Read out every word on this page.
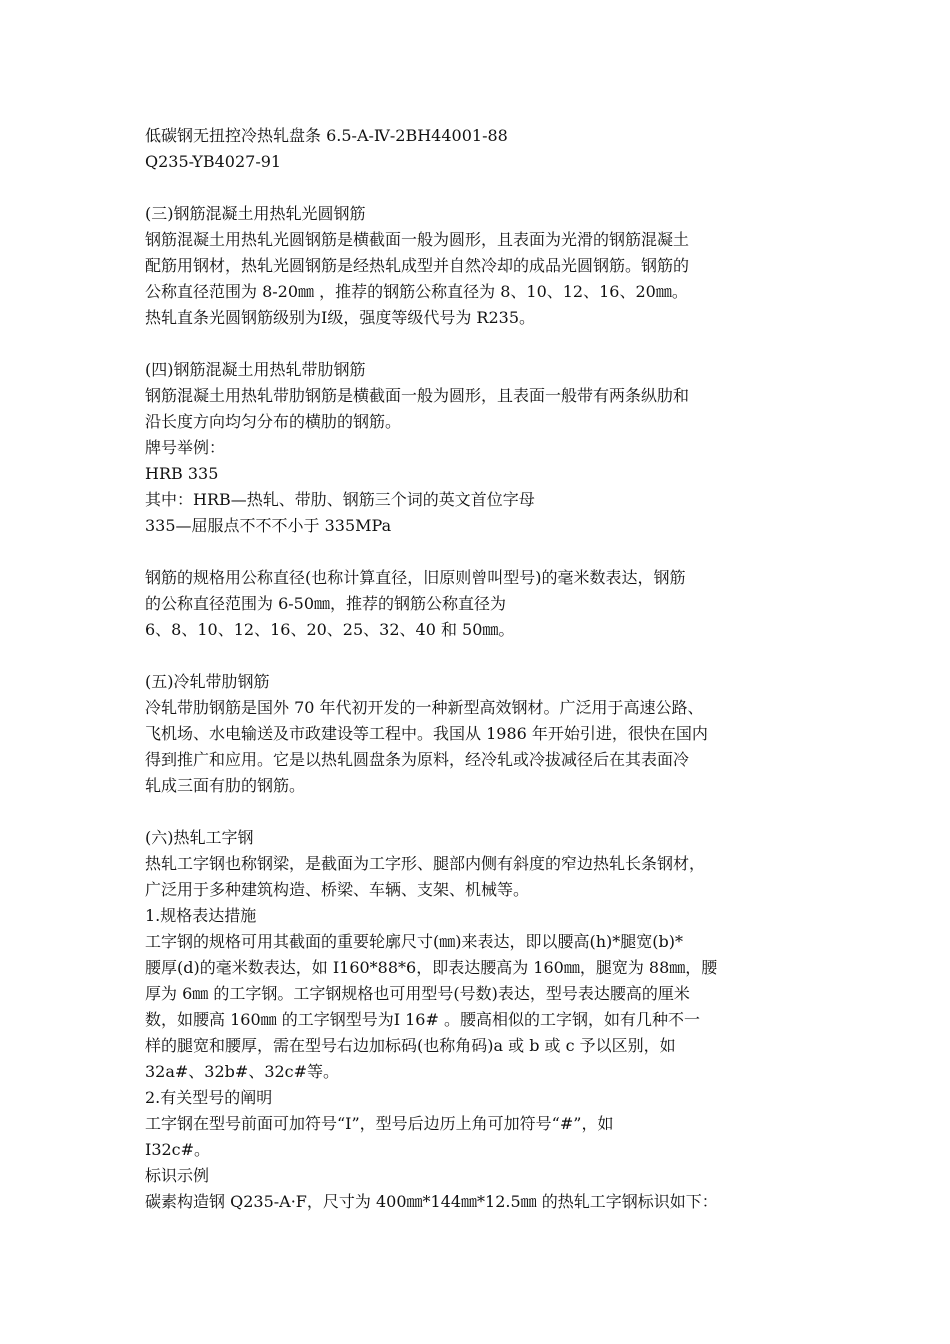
低碳钢无扭控冷热轧盘条 6.5-A-Ⅳ-2BH44001-88
Q235-YB4027-91
(三)钢筋混凝土用热轧光圆钢筋
钢筋混凝土用热轧光圆钢筋是横截面一般为圆形，且表面为光滑的钢筋混凝土
配筋用钢材，热轧光圆钢筋是经热轧成型并自然冷却的成品光圆钢筋。钢筋的
公称直径范围为 8-20㎜ ，推荐的钢筋公称直径为 8、10、12、16、20㎜。
热轧直条光圆钢筋级别为Ⅰ级，强度等级代号为 R235。
(四)钢筋混凝土用热轧带肋钢筋
钢筋混凝土用热轧带肋钢筋是横截面一般为圆形，且表面一般带有两条纵肋和
沿长度方向均匀分布的横肋的钢筋。
牌号举例：
HRB 335
其中：HRB—热轧、带肋、钢筋三个词的英文首位字母
335—屈服点不不不小于 335MPa
钢筋的规格用公称直径(也称计算直径，旧原则曾叫型号)的毫米数表达，钢筋
的公称直径范围为 6-50㎜，推荐的钢筋公称直径为
6、8、10、12、16、20、25、32、40 和 50㎜。
(五)冷轧带肋钢筋
冷轧带肋钢筋是国外 70 年代初开发的一种新型高效钢材。广泛用于高速公路、
飞机场、水电输送及市政建设等工程中。我国从 1986 年开始引进，很快在国内
得到推广和应用。它是以热轧圆盘条为原料，经冷轧或冷拔减径后在其表面冷
轧成三面有肋的钢筋。
(六)热轧工字钢
热轧工字钢也称钢梁，是截面为工字形、腿部内侧有斜度的窄边热轧长条钢材，
广泛用于多种建筑构造、桥梁、车辆、支架、机械等。
1.规格表达措施
工字钢的规格可用其截面的重要轮廓尺寸(㎜)来表达，即以腰高(h)*腿宽(b)*
腰厚(d)的毫米数表达，如 I160*88*6，即表达腰高为 160㎜，腿宽为 88㎜，腰
厚为 6㎜ 的工字钢。工字钢规格也可用型号(号数)表达，型号表达腰高的厘米
数，如腰高 160㎜ 的工字钢型号为Ⅰ 16# 。腰高相似的工字钢，如有几种不一
样的腿宽和腰厚，需在型号右边加标码(也称角码)a 或 b 或 c 予以区别，如
32a#、32b#、32c#等。
2.有关型号的阐明
工字钢在型号前面可加符号“I”，型号后边历上角可加符号“#”，如
I32c#。
标识示例
碳素构造钢 Q235-A·F，尺寸为 400㎜*144㎜*12.5㎜ 的热轧工字钢标识如下：
